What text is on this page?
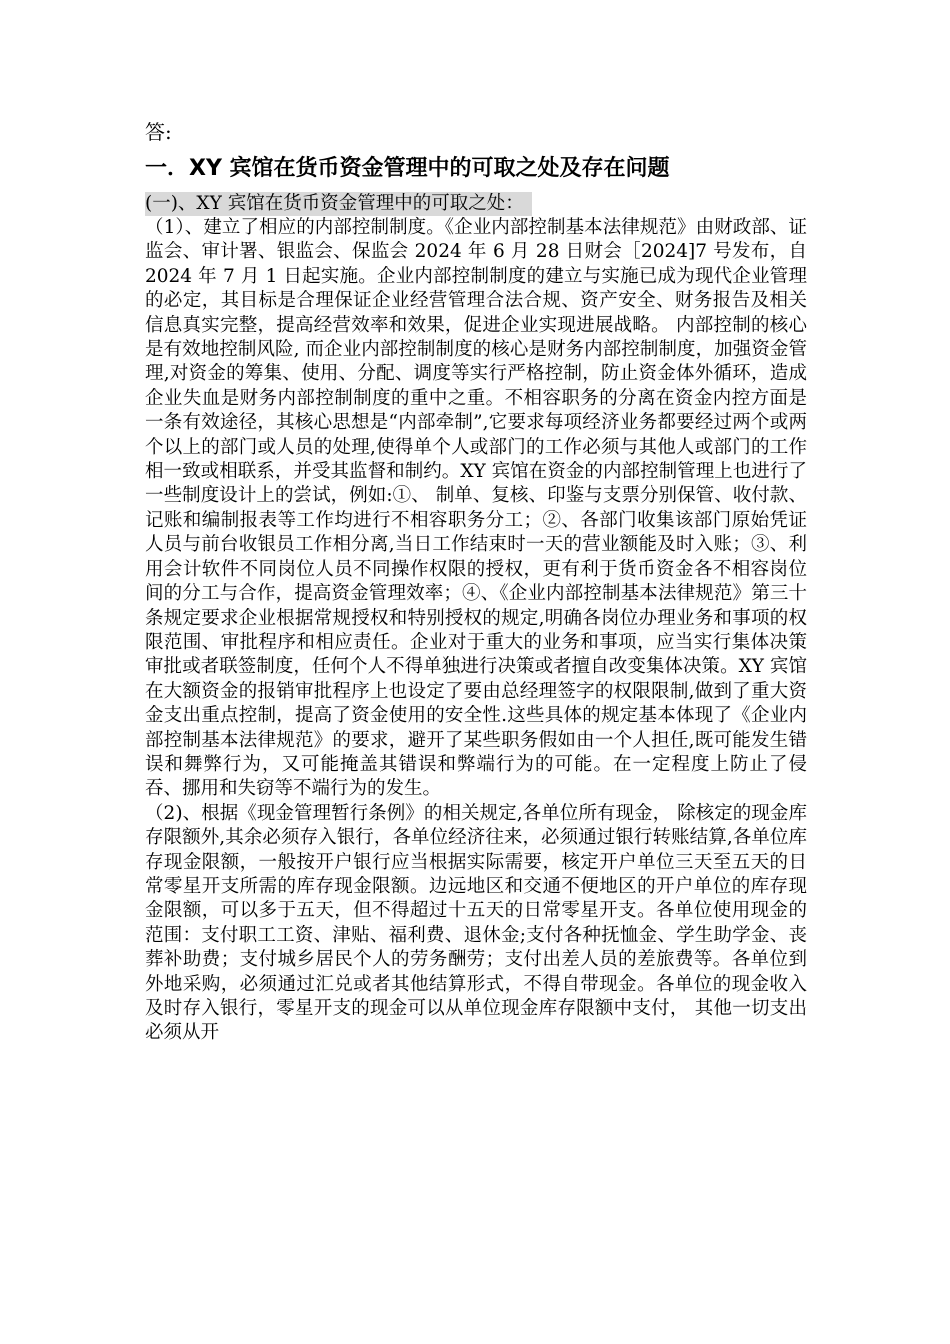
答:
一．XY 宾馆在货币资金管理中的可取之处及存在问题
(一)、XY 宾馆在货币资金管理中的可取之处：

（1）、建立了相应的内部控制制度。《企业内部控制基本法律规范》由财政部、证监会、审计署、银监会、保监会 2024 年 6 月 28 日财会［2024]7 号发布，自 2024 年 7 月 1 日起实施。企业内部控制制度的建立与实施已成为现代企业管理的必定，其目标是合理保证企业经营管理合法合规、资产安全、财务报告及相关信息真实完整，提高经营效率和效果，促进企业实现进展战略。 内部控制的核心是有效地控制风险, 而企业内部控制制度的核心是财务内部控制制度，加强资金管理,对资金的筹集、使用、分配、调度等实行严格控制，防止资金体外循环，造成企业失血是财务内部控制制度的重中之重。不相容职务的分离在资金内控方面是一条有效途径，其核心思想是“内部牵制”,它要求每项经济业务都要经过两个或两个以上的部门或人员的处理,使得单个人或部门的工作必须与其他人或部门的工作相一致或相联系，并受其监督和制约。XY 宾馆在资金的内部控制管理上也进行了一些制度设计上的尝试，例如:①、 制单、复核、印鉴与支票分别保管、收付款、记账和编制报表等工作均进行不相容职务分工；②、各部门收集该部门原始凭证人员与前台收银员工作相分离,当日工作结束时一天的营业额能及时入账；③、利用会计软件不同岗位人员不同操作权限的授权，更有利于货币资金各不相容岗位间的分工与合作，提高资金管理效率；④、《企业内部控制基本法律规范》第三十条规定要求企业根据常规授权和特别授权的规定,明确各岗位办理业务和事项的权限范围、审批程序和相应责任。企业对于重大的业务和事项，应当实行集体决策审批或者联签制度，任何个人不得单独进行决策或者擅自改变集体决策。XY 宾馆在大额资金的报销审批程序上也设定了要由总经理签字的权限限制,做到了重大资金支出重点控制，提高了资金使用的安全性.这些具体的规定基本体现了《企业内部控制基本法律规范》的要求，避开了某些职务假如由一个人担任,既可能发生错误和舞弊行为，又可能掩盖其错误和弊端行为的可能。在一定程度上防止了侵吞、挪用和失窃等不端行为的发生。

（2)、根据《现金管理暂行条例》的相关规定,各单位所有现金， 除核定的现金库存限额外,其余必须存入银行，各单位经济往来，必须通过银行转账结算,各单位库存现金限额，一般按开户银行应当根据实际需要，核定开户单位三天至五天的日常零星开支所需的库存现金限额。边远地区和交通不便地区的开户单位的库存现金限额，可以多于五天，但不得超过十五天的日常零星开支。各单位使用现金的范围：支付职工工资、津贴、福利费、退休金;支付各种抚恤金、学生助学金、丧葬补助费；支付城乡居民个人的劳务酬劳；支付出差人员的差旅费等。各单位到外地采购，必须通过汇兑或者其他结算形式，不得自带现金。各单位的现金收入及时存入银行，零星开支的现金可以从单位现金库存限额中支付， 其他一切支出必须从开
